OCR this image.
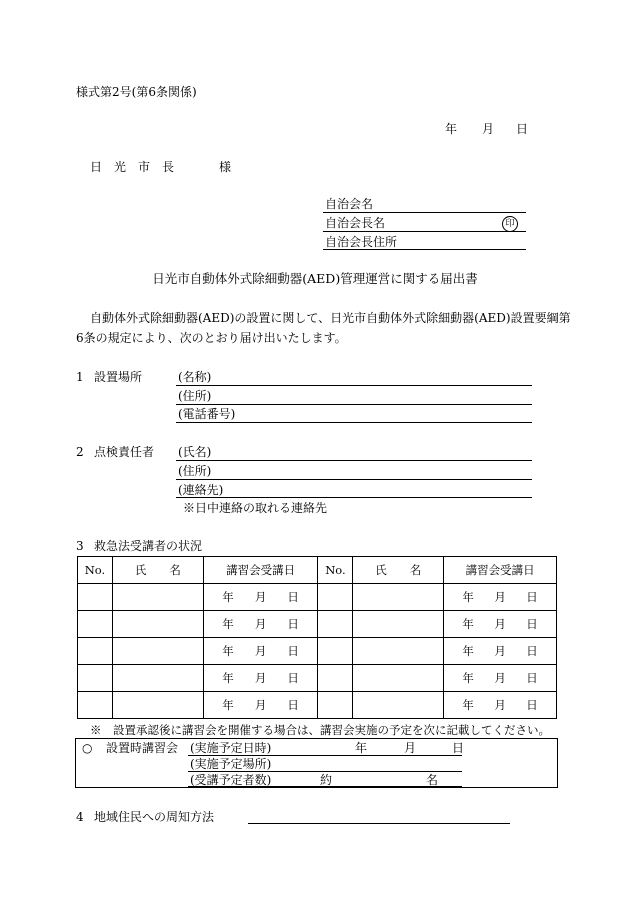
様式第2号(第6条関係)
年 月 日
日　光　市　長	様
自治会名
自治会長名	印
自治会長住所
日光市自動体外式除細動器(AED)管理運営に関する届出書
自動体外式除細動器(AED)の設置に関して、日光市自動体外式除細動器(AED)設置要綱第
6条の規定により、次のとおり届け出いたします。
1 設置場所	(名称)
(住所)
(電話番号)
2 点検責任者 (氏名)
(住所)
(連絡先)
※日中連絡の取れる連絡先
3 救急法受講者の状況
No.	氏　　名	講習会受講日	No.	氏　　名	講習会受講日

		年 月 日			年 月 日

		年 月 日			年 月 日

		年 月 日			年 月 日

		年 月 日			年 月 日

		年 月 日			年 月 日
※　設置承認後に講習会を開催する場合は、講習会実施の予定を次に記載してください。
○ 設置時講習会 (実施予定日時)	年	月	日
(実施予定場所)
(受講予定者数)	約	名
4 地域住民への周知方法
